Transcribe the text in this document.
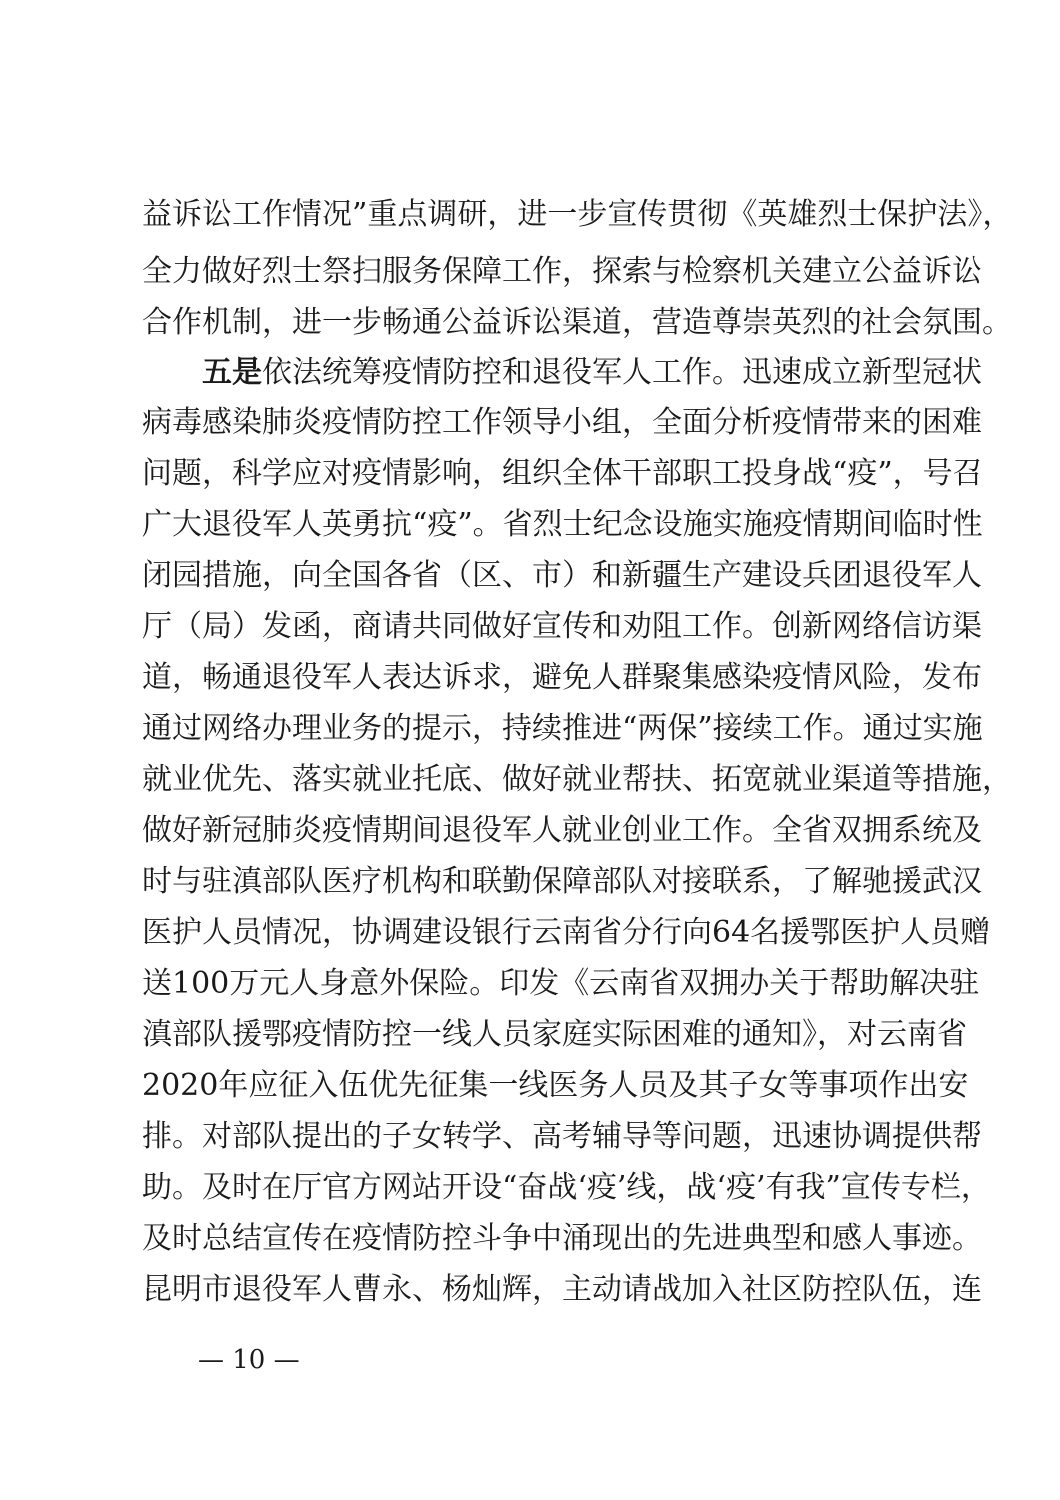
益诉讼工作情况”重点调研，进一步宣传贯彻《英雄烈士保护法》，
全力做好烈士祭扫服务保障工作，探索与检察机关建立公益诉讼
合作机制，进一步畅通公益诉讼渠道，营造尊崇英烈的社会氛围。
五是依法统筹疫情防控和退役军人工作。迅速成立新型冠状
病毒感染肺炎疫情防控工作领导小组，全面分析疫情带来的困难
问题，科学应对疫情影响，组织全体干部职工投身战“疫”，号召
广大退役军人英勇抗“疫”。省烈士纪念设施实施疫情期间临时性
闭园措施，向全国各省（区、市）和新疆生产建设兵团退役军人
厅（局）发函，商请共同做好宣传和劝阻工作。创新网络信访渠
道，畅通退役军人表达诉求，避免人群聚集感染疫情风险，发布
通过网络办理业务的提示，持续推进“两保”接续工作。通过实施
就业优先、落实就业托底、做好就业帮扶、拓宽就业渠道等措施，
做好新冠肺炎疫情期间退役军人就业创业工作。全省双拥系统及
时与驻滇部队医疗机构和联勤保障部队对接联系，了解驰援武汉
医护人员情况，协调建设银行云南省分行向64名援鄂医护人员赠
送100万元人身意外保险。印发《云南省双拥办关于帮助解决驻
滇部队援鄂疫情防控一线人员家庭实际困难的通知》，对云南省
2020年应征入伍优先征集一线医务人员及其子女等事项作出安
排。对部队提出的子女转学、高考辅导等问题，迅速协调提供帮
助。及时在厅官方网站开设“奋战‘疫’线，战‘疫’有我”宣传专栏，
及时总结宣传在疫情防控斗争中涌现出的先进典型和感人事迹。
昆明市退役军人曹永、杨灿辉，主动请战加入社区防控队伍，连
— 10 —
